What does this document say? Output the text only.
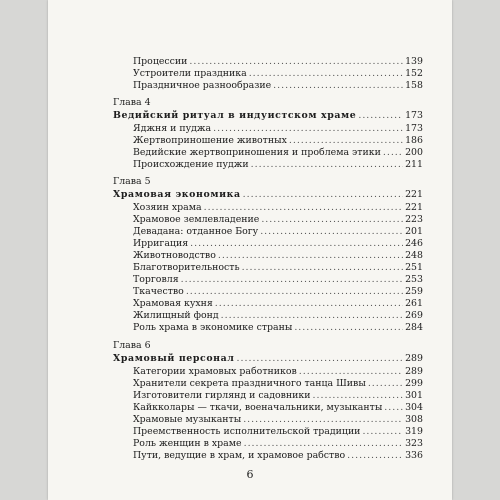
Процессии .....	139
Устроители праздника .....	152
Праздничное разнообразие .....	158
Глава 4
Ведийский ритуал в индуистском храме .....	173
Яджня и пуджа .....	173
Жертвоприношение животных .....	186
Ведийские жертвоприношения и проблема этики .....	200
Происхождение пуджи .....	211
Глава 5
Храмовая экономика .....	221
Хозяин храма .....	221
Храмовое землевладение .....	223
Девадана: отданное Богу .....	201
Ирригация .....	246
Животноводство .....	248
Благотворительность .....	251
Торговля .....	253
Ткачество .....	259
Храмовая кухня .....	261
Жилищный фонд .....	269
Роль храма в экономике страны .....	284
Глава 6
Храмовый персонал .....	289
Категории храмовых работников .....	289
Хранители секрета праздничного танца Шивы .....	299
Изготовители гирлянд и садовники .....	301
Кайкколары — ткачи, военачальники, музыканты ..... 304
Храмовые музыканты .....	308
Преемственность исполнительской традиции .....	319
Роль женщин в храме .....	323
Пути, ведущие в храм, и храмовое рабство .....	336
6
